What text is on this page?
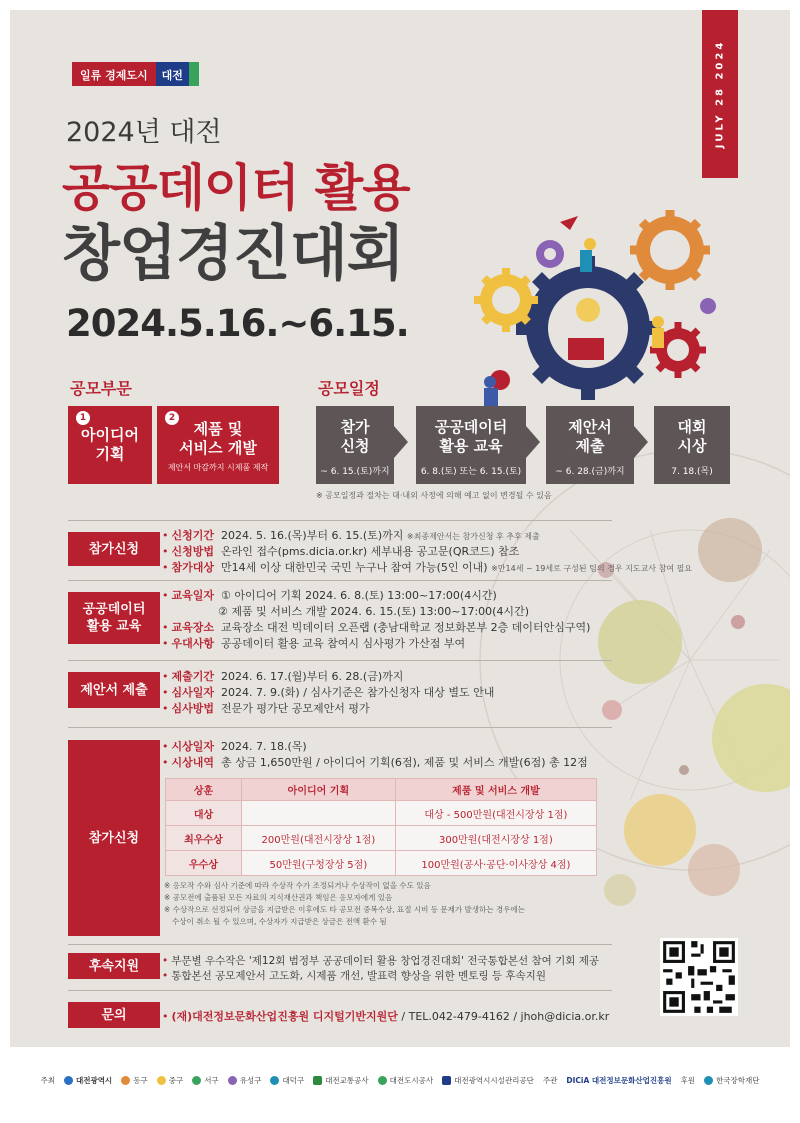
JULY 28 2024
일류 경제도시	대전
2024년 대전
공공데이터 활용
창업경진대회
2024.5.16.~6.15.
공모부문
1
아이디어
기획
2
제품 및
서비스 개발
제안서 마감까지 시제품 제작
공모일정
참가
신청
~ 6. 15.(토)까지
공공데이터
활용 교육
6. 8.(토) 또는 6. 15.(토)
제안서
제출
~ 6. 28.(금)까지
대회
시상
7. 18.(목)
※ 공모일정과 절차는 대·내외 사정에 의해 예고 없이 변경될 수 있음
참가신청
• 신청기간 2024. 5. 16.(목)부터 6. 15.(토)까지 ※최종제안서는 참가신청 후 추후 제출
• 신청방법 온라인 접수(pms.dicia.or.kr) 세부내용 공고문(QR코드) 참조
• 참가대상 만14세 이상 대한민국 국민 누구나 참여 가능(5인 이내) ※만14세 ~ 19세로 구성된 팀의 경우 지도교사 참여 필요
공공데이터
활용 교육
• 교육일자 ① 아이디어 기획 2024. 6. 8.(토) 13:00~17:00(4시간)
② 제품 및 서비스 개발 2024. 6. 15.(토) 13:00~17:00(4시간)
• 교육장소 교육장소 대전 빅데이터 오픈랩 (충남대학교 정보화본부 2층 데이터안심구역)
• 우대사항 공공데이터 활용 교육 참여시 심사평가 가산점 부여
제안서 제출
• 제출기간 2024. 6. 17.(월)부터 6. 28.(금)까지
• 심사일자 2024. 7. 9.(화) / 심사기준은 참가신청자 대상 별도 안내
• 심사방법 전문가 평가단 공모제안서 평가
참가신청
• 시상일자 2024. 7. 18.(목)
• 시상내역 총 상금 1,650만원 / 아이디어 기획(6점), 제품 및 서비스 개발(6점) 총 12점
상훈	아이디어 기획	제품 및 서비스 개발
대상		대상 - 500만원(대전시장상 1점)
최우수상	200만원(대전시장상 1점)	300만원(대전시장상 1점)
우수상	50만원(구청장상 5점)	100만원(공사·공단·이사장상 4점)
※ 응모작 수와 심사 기준에 따라 수상작 수가 조정되거나 수상작이 없을 수도 있음
※ 공모전에 출품된 모든 자료의 지식재산권과 책임은 응모자에게 있음
※ 수상작으로 선정되어 상금을 지급받은 이후에도 타 공모전 중복수상, 표절 시비 등 문제가 발생하는 경우에는
수상이 취소 될 수 있으며, 수상자가 지급받은 상금은 전액 환수 됨
후속지원	• 부문별 우수작은 '제12회 범정부 공공데이터 활용 창업경진대회' 전국통합본선 참여 기회 제공
• 통합본선 공모제안서 고도화, 시제품 개선, 발표력 향상을 위한 멘토링 등 후속지원
문의	• (재)대전정보문화산업진흥원 디지털기반지원단 / TEL.042-479-4162 / jhoh@dicia.or.kr
주최	대전광역시	동구	중구	서구	유성구	대덕구	대전교통공사	대전도시공사	대전광역시시설관리공단 주관 DICiA 대전정보문화산업진흥원 후원	한국장학재단
